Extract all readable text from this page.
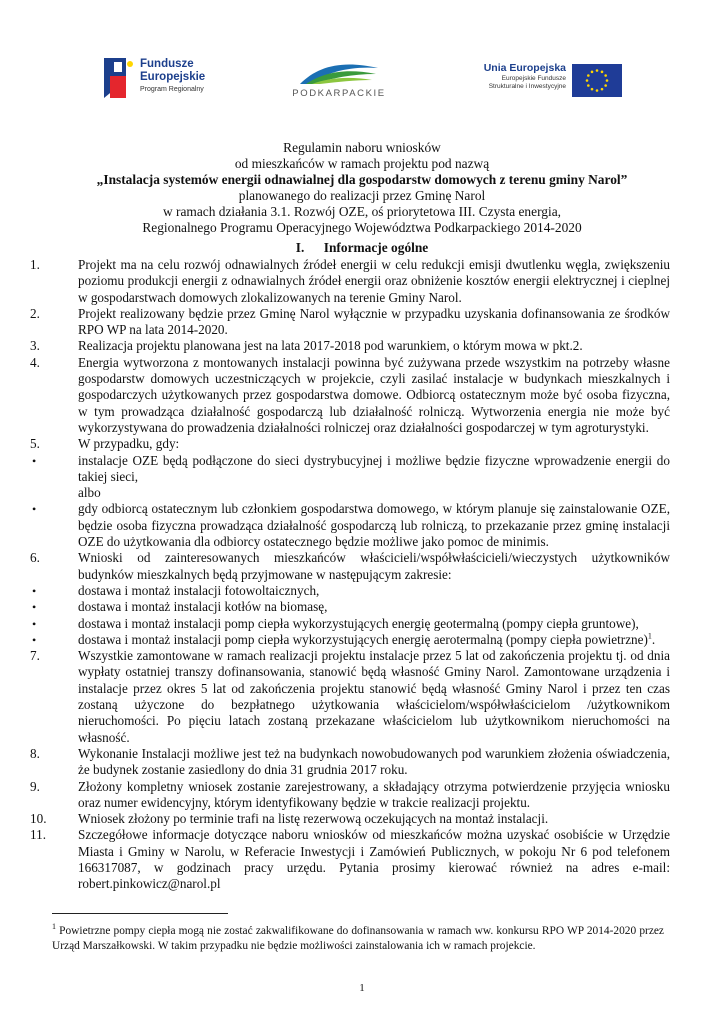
Fundusze
Europejskie
Program Regionalny	PODKARPACKIE
Unia Europejska
Europejskie Fundusze
Strukturalne i Inwestycyjne
Regulamin naboru wniosków
od mieszkańców w ramach projektu pod nazwą
„Instalacja systemów energii odnawialnej dla gospodarstw domowych z terenu gminy Narol”
planowanego do realizacji przez Gminę Narol
w ramach działania 3.1. Rozwój OZE, oś priorytetowa III. Czysta energia,
Regionalnego Programu Operacyjnego Województwa Podkarpackiego 2014-2020
I. Informacje ogólne
1.	Projekt ma na celu rozwój odnawialnych źródeł energii w celu redukcji emisji dwutlenku węgla, zwiększeniu poziomu produkcji energii z odnawialnych źródeł energii oraz obniżenie kosztów energii elektrycznej i cieplnej w gospodarstwach domowych zlokalizowanych na terenie Gminy Narol.
2.	Projekt realizowany będzie przez Gminę Narol wyłącznie w przypadku uzyskania dofinansowania ze środków RPO WP na lata 2014-2020.
3.	Realizacja projektu planowana jest na lata 2017-2018 pod warunkiem, o którym mowa w pkt.2.
4.	Energia wytworzona z montowanych instalacji powinna być zużywana przede wszystkim na potrzeby własne gospodarstw domowych uczestniczących w projekcie, czyli zasilać instalacje w budynkach mieszkalnych i gospodarczych użytkowanych przez gospodarstwa domowe. Odbiorcą ostatecznym może być osoba fizyczna, w tym prowadząca działalność gospodarczą lub działalność rolniczą. Wytworzenia energia nie może być wykorzystywana do prowadzenia działalności rolniczej oraz działalności gospodarczej w tym agroturystyki.
5.	W przypadku, gdy:
•	instalacje OZE będą podłączone do sieci dystrybucyjnej i możliwe będzie fizyczne wprowadzenie energii do takiej sieci,
albo
•	gdy odbiorcą ostatecznym lub członkiem gospodarstwa domowego, w którym planuje się zainstalowanie OZE, będzie osoba fizyczna prowadząca działalność gospodarczą lub rolniczą, to przekazanie przez gminę instalacji OZE do użytkowania dla odbiorcy ostatecznego będzie możliwe jako pomoc de minimis.
6.	Wnioski od zainteresowanych mieszkańców właścicieli/współwłaścicieli/wieczystych użytkowników budynków mieszkalnych będą przyjmowane w następującym zakresie:
•	dostawa i montaż instalacji fotowoltaicznych,
•	dostawa i montaż instalacji kotłów na biomasę,
•	dostawa i montaż instalacji pomp ciepła wykorzystujących energię geotermalną (pompy ciepła gruntowe),
•	dostawa i montaż instalacji pomp ciepła wykorzystujących energię aerotermalną (pompy ciepła powietrzne)$^1$.
7.	Wszystkie zamontowane w ramach realizacji projektu instalacje przez 5 lat od zakończenia projektu tj. od dnia wypłaty ostatniej transzy dofinansowania, stanowić będą własność Gminy Narol. Zamontowane urządzenia i instalacje przez okres 5 lat od zakończenia projektu stanowić będą własność Gminy Narol i przez ten czas zostaną użyczone do bezpłatnego użytkowania właścicielom/współwłaścicielom /użytkownikom nieruchomości. Po pięciu latach zostaną przekazane właścicielom lub użytkownikom nieruchomości na własność.
8.	Wykonanie Instalacji możliwe jest też na budynkach nowobudowanych pod warunkiem złożenia oświadczenia, że budynek zostanie zasiedlony do dnia 31 grudnia 2017 roku.
9.	Złożony kompletny wniosek zostanie zarejestrowany, a składający otrzyma potwierdzenie przyjęcia wniosku oraz numer ewidencyjny, którym identyfikowany będzie w trakcie realizacji projektu.
10.	Wniosek złożony po terminie trafi na listę rezerwową oczekujących na montaż instalacji.
11.	Szczegółowe informacje dotyczące naboru wniosków od mieszkańców można uzyskać osobiście w Urzędzie Miasta i Gminy w Narolu, w Referacie Inwestycji i Zamówień Publicznych, w pokoju Nr 6 pod telefonem 166317087, w godzinach pracy urzędu. Pytania prosimy kierować również na adres e-mail: robert.pinkowicz@narol.pl
$^1$ Powietrzne pompy ciepła mogą nie zostać zakwalifikowane do dofinansowania w ramach ww. konkursu RPO WP 2014-2020 przez Urząd Marszałkowski. W takim przypadku nie będzie możliwości zainstalowania ich w ramach projekcie.
1
